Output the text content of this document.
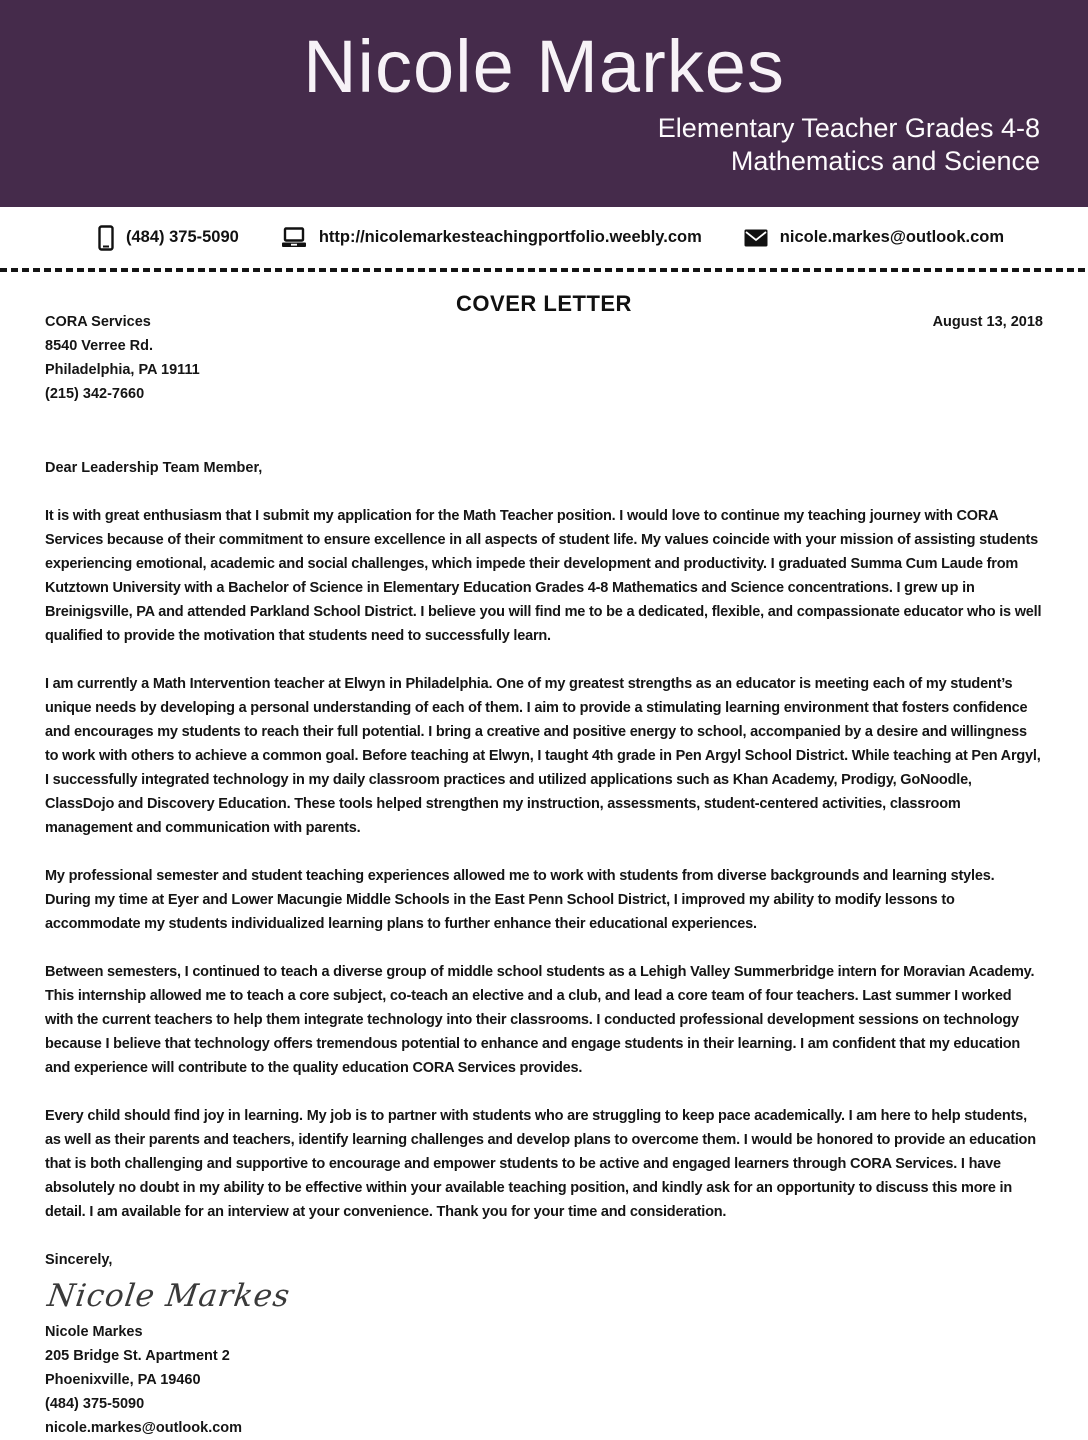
Nicole Markes
Elementary Teacher Grades 4-8
Mathematics and Science
(484) 375-5090	http://nicolemarkesteachingportfolio.weebly.com	nicole.markes@outlook.com
COVER LETTER
CORA Services
8540 Verree Rd.
Philadelphia, PA 19111
(215) 342-7660
August 13, 2018

Dear Leadership Team Member,

It is with great enthusiasm that I submit my application for the Math Teacher position. I would love to continue my teaching journey with CORA Services because of their commitment to ensure excellence in all aspects of student life. My values coincide with your mission of assisting students experiencing emotional, academic and social challenges, which impede their development and productivity. I graduated Summa Cum Laude from Kutztown University with a Bachelor of Science in Elementary Education Grades 4-8 Mathematics and Science concentrations. I grew up in Breinigsville, PA and attended Parkland School District. I believe you will find me to be a dedicated, flexible, and compassionate educator who is well qualified to provide the motivation that students need to successfully learn.

I am currently a Math Intervention teacher at Elwyn in Philadelphia. One of my greatest strengths as an educator is meeting each of my student’s unique needs by developing a personal understanding of each of them. I aim to provide a stimulating learning environment that fosters confidence and encourages my students to reach their full potential. I bring a creative and positive energy to school, accompanied by a desire and willingness to work with others to achieve a common goal. Before teaching at Elwyn, I taught 4th grade in Pen Argyl School District. While teaching at Pen Argyl, I successfully integrated technology in my daily classroom practices and utilized applications such as Khan Academy, Prodigy, GoNoodle, ClassDojo and Discovery Education. These tools helped strengthen my instruction, assessments, student-centered activities, classroom management and communication with parents.

My professional semester and student teaching experiences allowed me to work with students from diverse backgrounds and learning styles. During my time at Eyer and Lower Macungie Middle Schools in the East Penn School District, I improved my ability to modify lessons to accommodate my students individualized learning plans to further enhance their educational experiences.

Between semesters, I continued to teach a diverse group of middle school students as a Lehigh Valley Summerbridge intern for Moravian Academy. This internship allowed me to teach a core subject, co-teach an elective and a club, and lead a core team of four teachers. Last summer I worked with the current teachers to help them integrate technology into their classrooms. I conducted professional development sessions on technology because I believe that technology offers tremendous potential to enhance and engage students in their learning. I am confident that my education and experience will contribute to the quality education CORA Services provides.

Every child should find joy in learning. My job is to partner with students who are struggling to keep pace academically. I am here to help students, as well as their parents and teachers, identify learning challenges and develop plans to overcome them. I would be honored to provide an education that is both challenging and supportive to encourage and empower students to be active and engaged learners through CORA Services. I have absolutely no doubt in my ability to be effective within your available teaching position, and kindly ask for an opportunity to discuss this more in detail. I am available for an interview at your convenience. Thank you for your time and consideration.

Sincerely,

Nicole Markes
Nicole Markes
205 Bridge St. Apartment 2
Phoenixville, PA 19460
(484) 375-5090
nicole.markes@outlook.com
